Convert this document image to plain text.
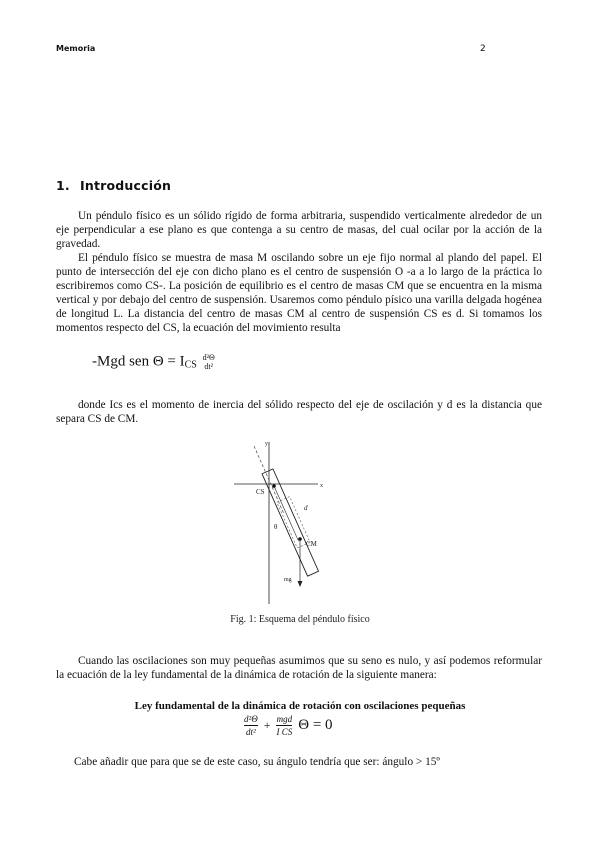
Memoria	2
1. Introducción
Un péndulo físico es un sólido rígido de forma arbitraria, suspendido verticalmente alrededor de un eje perpendicular a ese plano es que contenga a su centro de masas, del cual ocilar por la acción de la gravedad.
El péndulo físico se muestra de masa M oscilando sobre un eje fijo normal al plando del papel. El punto de intersección del eje con dicho plano es el centro de suspensión O -a a lo largo de la práctica lo escribiremos como CS-. La posición de equilibrio es el centro de masas CM que se encuentra en la misma vertical y por debajo del centro de suspensión. Usaremos como péndulo písico una varilla delgada hogénea de longitud L. La distancia del centro de masas CM al centro de suspensión CS es d. Si tomamos los momentos respecto del CS, la ecuación del movimiento resulta
-Mgd sen $\Theta = I_{CS}$ d²Θ
dt²
donde Ics es el momento de inercia del sólido respecto del eje de oscilación y d es la distancia que separa CS de CM.
y
x
CS
θ
d
CM
mg
Fig. 1: Esquema del péndulo físico
Cuando las oscilaciones son muy pequeñas asumimos que su seno es nulo, y así podemos reformular la ecuación de la ley fundamental de la dinámica de rotación de la siguiente manera:
Ley fundamental de la dinámica de rotación con oscilaciones pequeñas
d²Θ
dt² + mgd
I CS Θ = 0
Cabe añadir que para que se de este caso, su ángulo tendría que ser: ángulo > 15º
